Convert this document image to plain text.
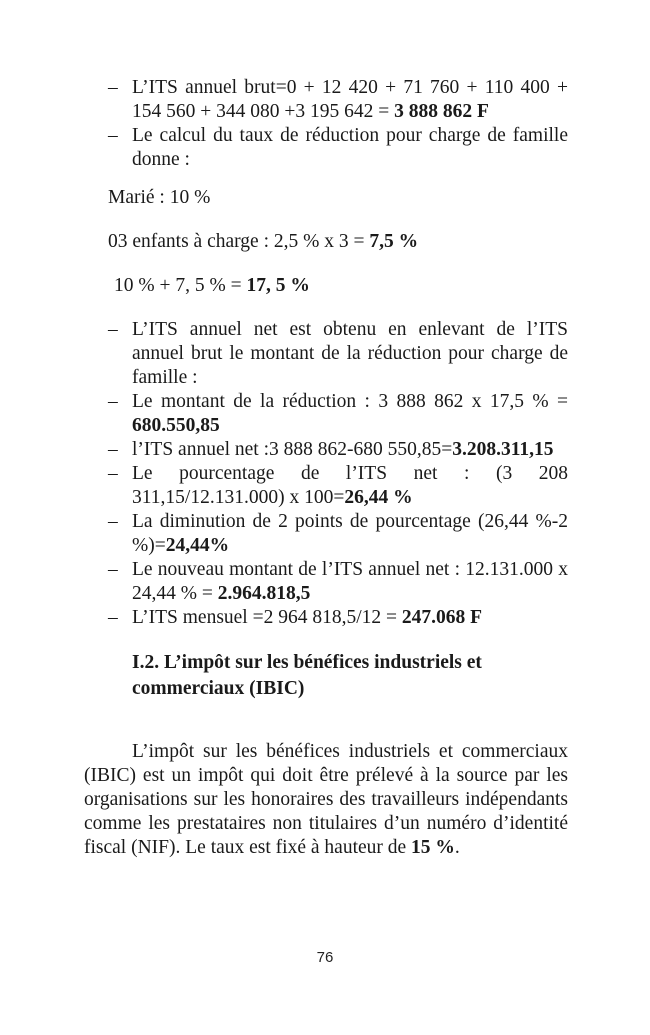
– L’ITS annuel brut=0 + 12 420 + 71 760 + 110 400 + 154 560 + 344 080 +3 195 642 = 3 888 862 F
– Le calcul du taux de réduction pour charge de famille donne :
Marié : 10 %
03 enfants à charge : 2,5 % x 3 = 7,5 %
10 % + 7, 5 % = 17, 5 %
– L’ITS annuel net est obtenu en enlevant de l’ITS annuel brut le montant de la réduction pour charge de famille :
– Le montant de la réduction : 3 888 862 x 17,5 % = 680.550,85
– l’ITS annuel net :3 888 862-680 550,85=3.208.311,15
– Le pourcentage de l’ITS net : (3 208 311,15/12.131.000) x 100=26,44 %
– La diminution de 2 points de pourcentage (26,44 %-2 %)=24,44%
– Le nouveau montant de l’ITS annuel net : 12.131.000 x 24,44 % = 2.964.818,5
– L’ITS mensuel =2 964 818,5/12 = 247.068 F
I.2. L’impôt sur les bénéfices industriels et commerciaux (IBIC)
L’impôt sur les bénéfices industriels et commerciaux (IBIC) est un impôt qui doit être prélevé à la source par les organisations sur les honoraires des travailleurs indépendants comme les prestataires non titulaires d’un numéro d’identité fiscal (NIF). Le taux est fixé à hauteur de 15 %.
76
